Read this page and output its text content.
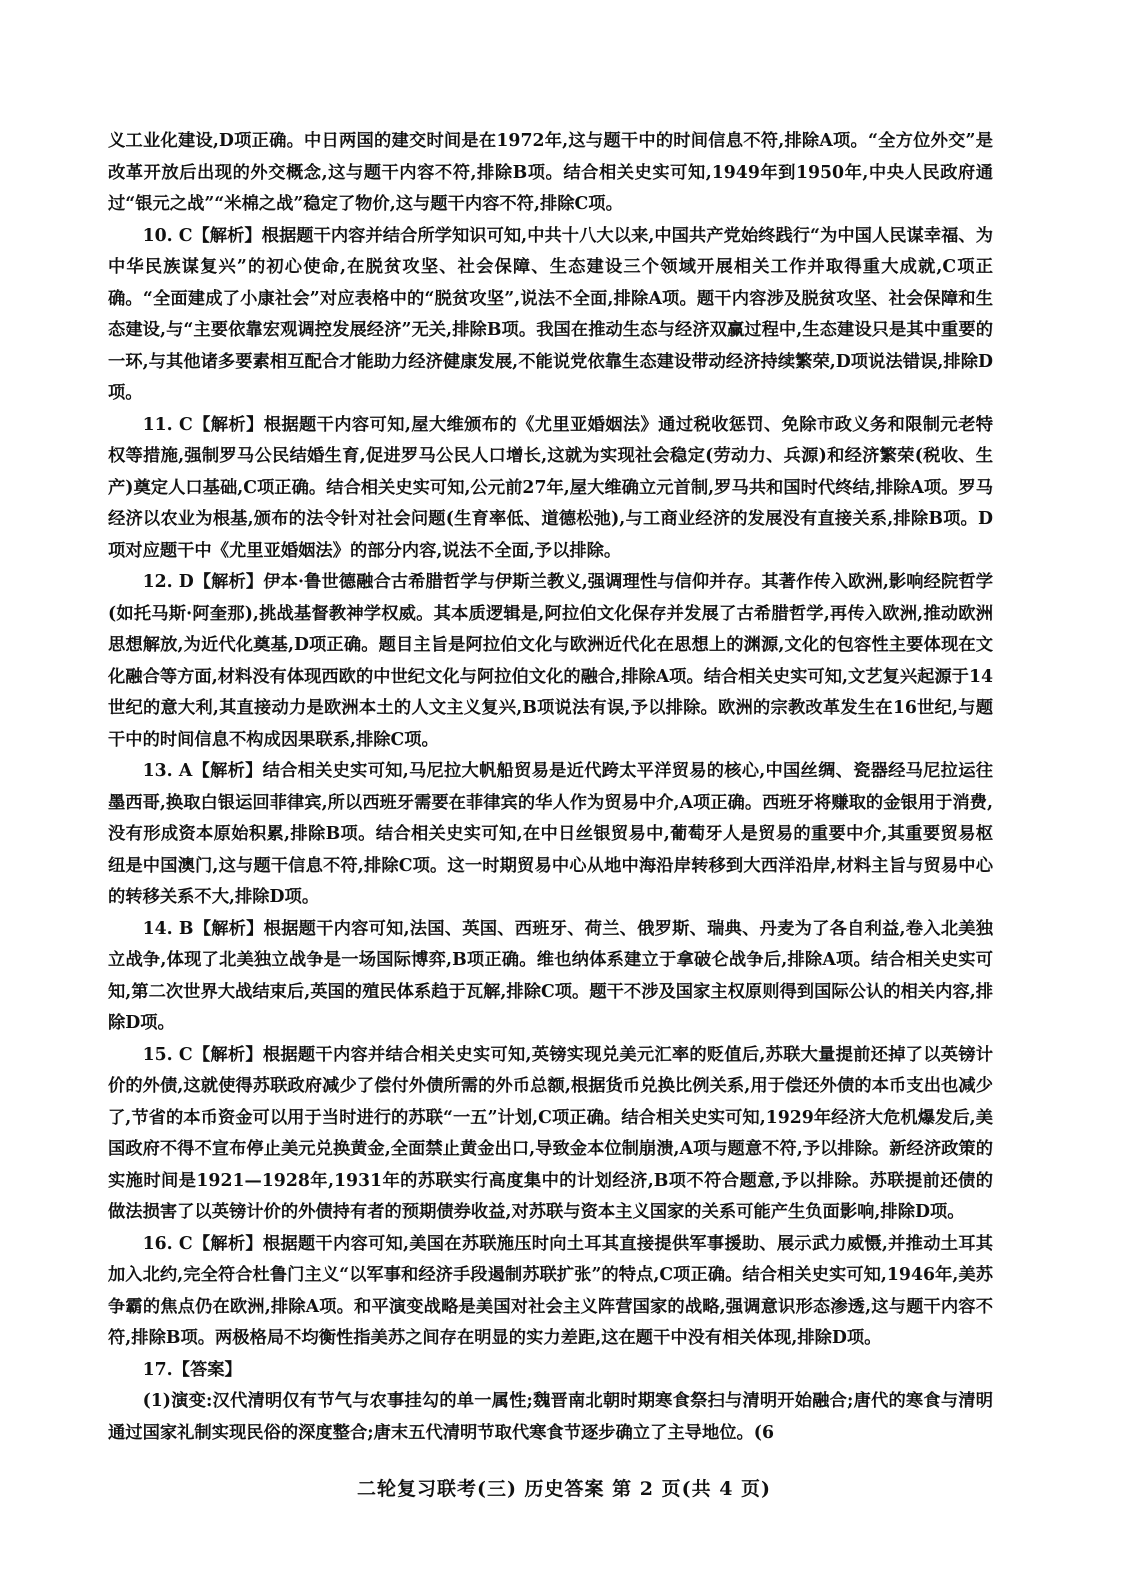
义工业化建设,D项正确。中日两国的建交时间是在1972年,这与题干中的时间信息不符,排除A项。“全方位外交”是改革开放后出现的外交概念,这与题干内容不符,排除B项。结合相关史实可知,1949年到1950年,中央人民政府通过“银元之战”“米棉之战”稳定了物价,这与题干内容不符,排除C项。

10. C【解析】根据题干内容并结合所学知识可知,中共十八大以来,中国共产党始终践行“为中国人民谋幸福、为中华民族谋复兴”的初心使命,在脱贫攻坚、社会保障、生态建设三个领域开展相关工作并取得重大成就,C项正确。“全面建成了小康社会”对应表格中的“脱贫攻坚”,说法不全面,排除A项。题干内容涉及脱贫攻坚、社会保障和生态建设,与“主要依靠宏观调控发展经济”无关,排除B项。我国在推动生态与经济双赢过程中,生态建设只是其中重要的一环,与其他诸多要素相互配合才能助力经济健康发展,不能说党依靠生态建设带动经济持续繁荣,D项说法错误,排除D项。

11. C【解析】根据题干内容可知,屋大维颁布的《尤里亚婚姻法》通过税收惩罚、免除市政义务和限制元老特权等措施,强制罗马公民结婚生育,促进罗马公民人口增长,这就为实现社会稳定(劳动力、兵源)和经济繁荣(税收、生产)奠定人口基础,C项正确。结合相关史实可知,公元前27年,屋大维确立元首制,罗马共和国时代终结,排除A项。罗马经济以农业为根基,颁布的法令针对社会问题(生育率低、道德松弛),与工商业经济的发展没有直接关系,排除B项。D项对应题干中《尤里亚婚姻法》的部分内容,说法不全面,予以排除。

12. D【解析】伊本·鲁世德融合古希腊哲学与伊斯兰教义,强调理性与信仰并存。其著作传入欧洲,影响经院哲学(如托马斯·阿奎那),挑战基督教神学权威。其本质逻辑是,阿拉伯文化保存并发展了古希腊哲学,再传入欧洲,推动欧洲思想解放,为近代化奠基,D项正确。题目主旨是阿拉伯文化与欧洲近代化在思想上的渊源,文化的包容性主要体现在文化融合等方面,材料没有体现西欧的中世纪文化与阿拉伯文化的融合,排除A项。结合相关史实可知,文艺复兴起源于14世纪的意大利,其直接动力是欧洲本土的人文主义复兴,B项说法有误,予以排除。欧洲的宗教改革发生在16世纪,与题干中的时间信息不构成因果联系,排除C项。

13. A【解析】结合相关史实可知,马尼拉大帆船贸易是近代跨太平洋贸易的核心,中国丝绸、瓷器经马尼拉运往墨西哥,换取白银运回菲律宾,所以西班牙需要在菲律宾的华人作为贸易中介,A项正确。西班牙将赚取的金银用于消费,没有形成资本原始积累,排除B项。结合相关史实可知,在中日丝银贸易中,葡萄牙人是贸易的重要中介,其重要贸易枢纽是中国澳门,这与题干信息不符,排除C项。这一时期贸易中心从地中海沿岸转移到大西洋沿岸,材料主旨与贸易中心的转移关系不大,排除D项。

14. B【解析】根据题干内容可知,法国、英国、西班牙、荷兰、俄罗斯、瑞典、丹麦为了各自利益,卷入北美独立战争,体现了北美独立战争是一场国际博弈,B项正确。维也纳体系建立于拿破仑战争后,排除A项。结合相关史实可知,第二次世界大战结束后,英国的殖民体系趋于瓦解,排除C项。题干不涉及国家主权原则得到国际公认的相关内容,排除D项。

15. C【解析】根据题干内容并结合相关史实可知,英镑实现兑美元汇率的贬值后,苏联大量提前还掉了以英镑计价的外债,这就使得苏联政府减少了偿付外债所需的外币总额,根据货币兑换比例关系,用于偿还外债的本币支出也减少了,节省的本币资金可以用于当时进行的苏联“一五”计划,C项正确。结合相关史实可知,1929年经济大危机爆发后,美国政府不得不宣布停止美元兑换黄金,全面禁止黄金出口,导致金本位制崩溃,A项与题意不符,予以排除。新经济政策的实施时间是1921—1928年,1931年的苏联实行高度集中的计划经济,B项不符合题意,予以排除。苏联提前还债的做法损害了以英镑计价的外债持有者的预期债券收益,对苏联与资本主义国家的关系可能产生负面影响,排除D项。

16. C【解析】根据题干内容可知,美国在苏联施压时向土耳其直接提供军事援助、展示武力威慑,并推动土耳其加入北约,完全符合杜鲁门主义“以军事和经济手段遏制苏联扩张”的特点,C项正确。结合相关史实可知,1946年,美苏争霸的焦点仍在欧洲,排除A项。和平演变战略是美国对社会主义阵营国家的战略,强调意识形态渗透,这与题干内容不符,排除B项。两极格局不均衡性指美苏之间存在明显的实力差距,这在题干中没有相关体现,排除D项。

17.【答案】

(1)演变:汉代清明仅有节气与农事挂勾的单一属性;魏晋南北朝时期寒食祭扫与清明开始融合;唐代的寒食与清明通过国家礼制实现民俗的深度整合;唐末五代清明节取代寒食节逐步确立了主导地位。(6

二轮复习联考(三) 历史答案 第 2 页(共 4 页)
